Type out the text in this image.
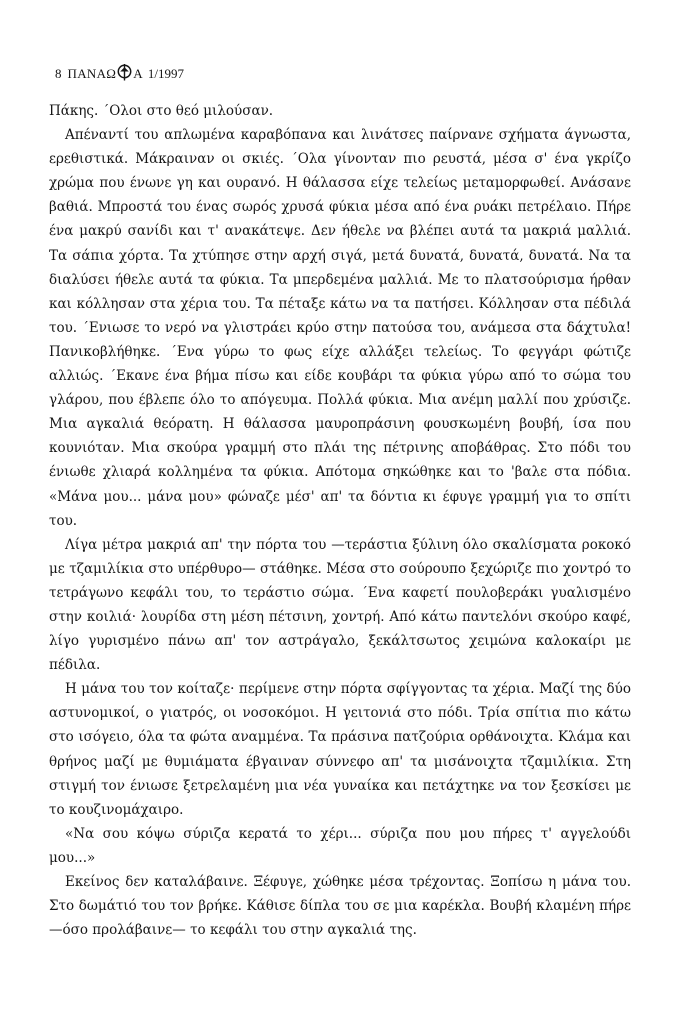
8 ΠΑΝΑΩ Α 1/1997

Πάκης. ΄Ολοι στο θεό μιλούσαν.

Απέναντί του απλωμένα καραβόπανα και λινάτσες παίρνανε σχήματα άγνωστα, ερεθιστικά. Μάκραιναν οι σκιές. ΄Ολα γίνονταν πιο ρευστά, μέσα σ' ένα γκρίζο χρώμα που ένωνε γη και ουρανό. Η θάλασσα είχε τελείως μεταμορφωθεί. Ανάσανε βαθιά. Μπροστά του ένας σωρός χρυσά φύκια μέσα από ένα ρυάκι πετρέλαιο. Πήρε ένα μακρύ σανίδι και τ' ανακάτεψε. Δεν ήθελε να βλέπει αυτά τα μακριά μαλλιά. Τα σάπια χόρτα. Τα χτύπησε στην αρχή σιγά, μετά δυνατά, δυνατά, δυνατά. Να τα διαλύσει ήθελε αυτά τα φύκια. Τα μπερδεμένα μαλλιά. Με το πλατσούρισμα ήρθαν και κόλλησαν στα χέρια του. Τα πέταξε κάτω να τα πατήσει. Κόλλησαν στα πέδιλά του. ΄Ενιωσε το νερό να γλιστράει κρύο στην πατούσα του, ανάμεσα στα δάχτυλα! Πανικοβλήθηκε. ΄Ενα γύρω το φως είχε αλλάξει τελείως. Το φεγγάρι φώτιζε αλλιώς. ΄Εκανε ένα βήμα πίσω και είδε κουβάρι τα φύκια γύρω από το σώμα του γλάρου, που έβλεπε όλο το απόγευμα. Πολλά φύκια. Μια ανέμη μαλλί που χρύσιζε. Μια αγκαλιά θεόρατη. Η θάλασσα μαυροπράσινη φουσκωμένη βουβή, ίσα που κουνιόταν. Μια σκούρα γραμμή στο πλάι της πέτρινης αποβάθρας. Στο πόδι του ένιωθε χλιαρά κολλημένα τα φύκια. Απότομα σηκώθηκε και το 'βαλε στα πόδια. «Μάνα μου... μάνα μου» φώναζε μέσ' απ' τα δόντια κι έφυγε γραμμή για το σπίτι του.

Λίγα μέτρα μακριά απ' την πόρτα του —τεράστια ξύλινη όλο σκαλίσματα ροκοκό με τζαμιλίκια στο υπέρθυρο— στάθηκε. Μέσα στο σούρουπο ξεχώριζε πιο χοντρό το τετράγωνο κεφάλι του, το τεράστιο σώμα. ΄Ενα καφετί πουλοβεράκι γυαλισμένο στην κοιλιά· λουρίδα στη μέση πέτσινη, χοντρή. Από κάτω παντελόνι σκούρο καφέ, λίγο γυρισμένο πάνω απ' τον αστράγαλο, ξεκάλτσωτος χειμώνα καλοκαίρι με πέδιλα.

Η μάνα του τον κοίταζε· περίμενε στην πόρτα σφίγγοντας τα χέρια. Μαζί της δύο αστυνομικοί, ο γιατρός, οι νοσοκόμοι. Η γειτονιά στο πόδι. Τρία σπίτια πιο κάτω στο ισόγειο, όλα τα φώτα αναμμένα. Τα πράσινα πατζούρια ορθάνοιχτα. Κλάμα και θρήνος μαζί με θυμιάματα έβγαιναν σύννεφο απ' τα μισάνοιχτα τζαμιλίκια. Στη στιγμή τον ένιωσε ξετρελαμένη μια νέα γυναίκα και πετάχτηκε να τον ξεσκίσει με το κουζινομάχαιρο.

«Να σου κόψω σύριζα κερατά το χέρι... σύριζα που μου πήρες τ' αγγελούδι μου...»

Εκείνος δεν καταλάβαινε. Ξέφυγε, χώθηκε μέσα τρέχοντας. Ξοπίσω η μάνα του. Στο δωμάτιό του τον βρήκε. Κάθισε δίπλα του σε μια καρέκλα. Βουβή κλαμένη πήρε —όσο προλάβαινε— το κεφάλι του στην αγκαλιά της.
